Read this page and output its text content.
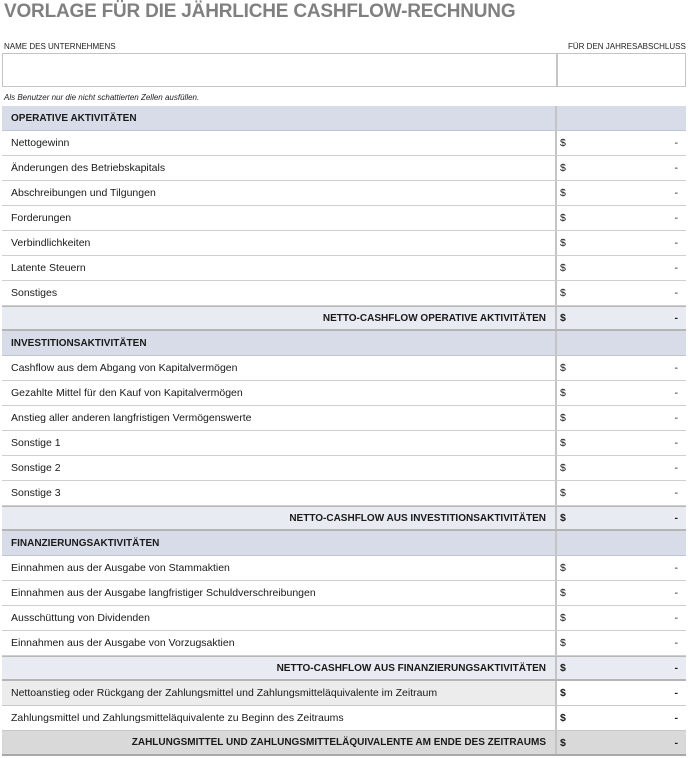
VORLAGE FÜR DIE JÄHRLICHE CASHFLOW-RECHNUNG
NAME DES UNTERNEHMENS	FÜR DEN JAHRESABSCHLUSS
Als Benutzer nur die nicht schattierten Zellen ausfüllen.
OPERATIVE AKTIVITÄTEN
Nettogewinn	$	-
Änderungen des Betriebskapitals	$	-
Abschreibungen und Tilgungen	$	-
Forderungen	$	-
Verbindlichkeiten	$	-
Latente Steuern	$	-
Sonstiges	$	-
NETTO-CASHFLOW OPERATIVE AKTIVITÄTEN	$	-
INVESTITIONSAKTIVITÄTEN
Cashflow aus dem Abgang von Kapitalvermögen	$	-
Gezahlte Mittel für den Kauf von Kapitalvermögen	$	-
Anstieg aller anderen langfristigen Vermögenswerte	$	-
Sonstige 1	$	-
Sonstige 2	$	-
Sonstige 3	$	-
NETTO-CASHFLOW AUS INVESTITIONSAKTIVITÄTEN	$	-
FINANZIERUNGSAKTIVITÄTEN
Einnahmen aus der Ausgabe von Stammaktien	$	-
Einnahmen aus der Ausgabe langfristiger Schuldverschreibungen	$	-
Ausschüttung von Dividenden	$	-
Einnahmen aus der Ausgabe von Vorzugsaktien	$	-
NETTO-CASHFLOW AUS FINANZIERUNGSAKTIVITÄTEN	$	-
Nettoanstieg oder Rückgang der Zahlungsmittel und Zahlungsmitteläquivalente im Zeitraum	$	-
Zahlungsmittel und Zahlungsmitteläquivalente zu Beginn des Zeitraums	$	-
ZAHLUNGSMITTEL UND ZAHLUNGSMITTELÄQUIVALENTE AM ENDE DES ZEITRAUMS	$	-
